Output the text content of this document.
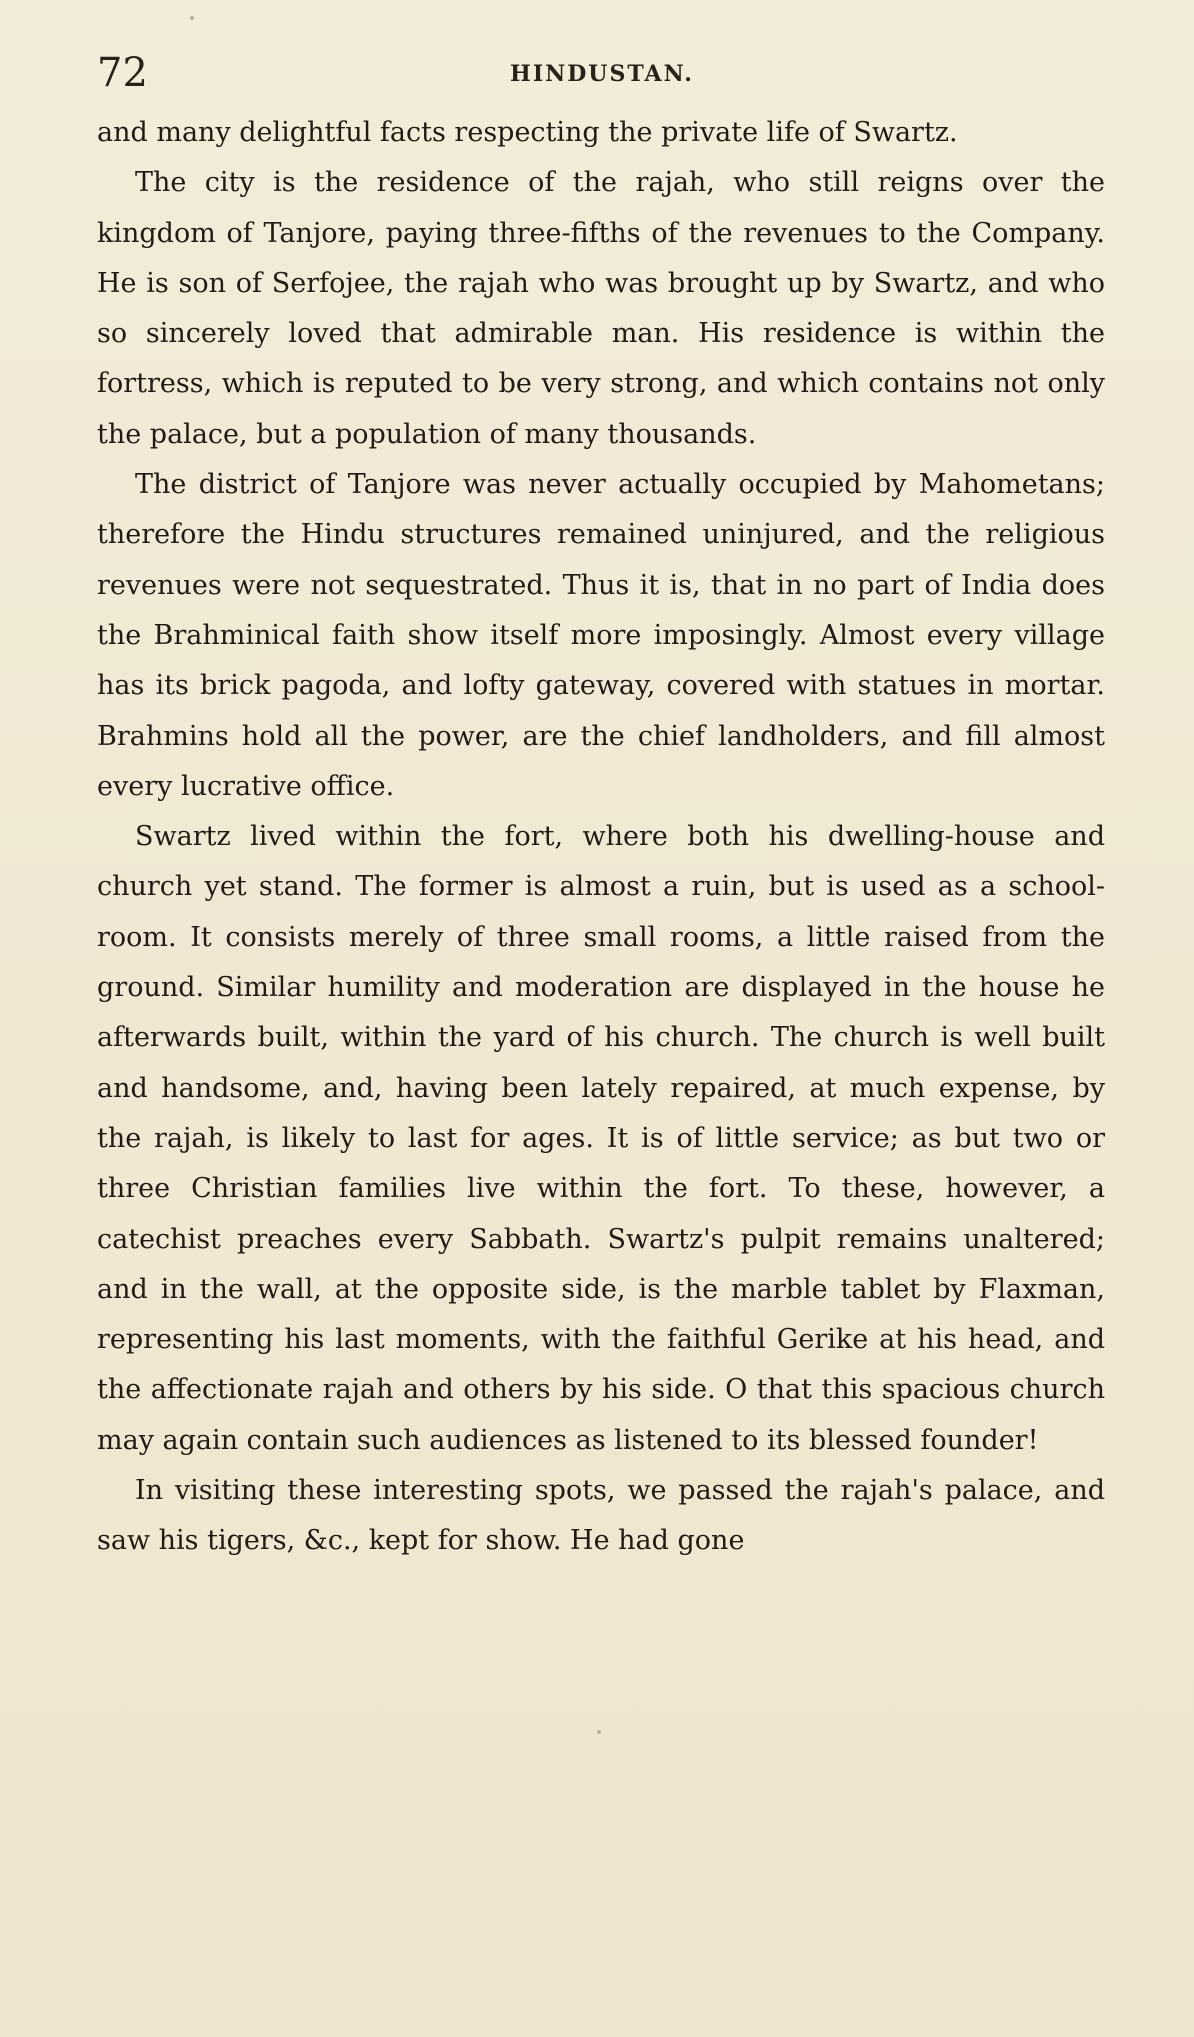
72	HINDUSTAN.

and many delightful facts respecting the private life of Swartz.

The city is the residence of the rajah, who still reigns over the kingdom of Tanjore, paying three-fifths of the revenues to the Company. He is son of Serfojee, the rajah who was brought up by Swartz, and who so sincerely loved that admirable man. His residence is within the fortress, which is reputed to be very strong, and which contains not only the palace, but a population of many thousands.

The district of Tanjore was never actually occupied by Mahometans; therefore the Hindu structures remained uninjured, and the religious revenues were not sequestrated. Thus it is, that in no part of India does the Brahminical faith show itself more imposingly. Almost every village has its brick pagoda, and lofty gateway, covered with statues in mortar. Brahmins hold all the power, are the chief landholders, and fill almost every lucrative office.

Swartz lived within the fort, where both his dwelling-house and church yet stand. The former is almost a ruin, but is used as a school-room. It consists merely of three small rooms, a little raised from the ground. Similar humility and moderation are displayed in the house he afterwards built, within the yard of his church. The church is well built and handsome, and, having been lately repaired, at much expense, by the rajah, is likely to last for ages. It is of little service; as but two or three Christian families live within the fort. To these, however, a catechist preaches every Sabbath. Swartz's pulpit remains unaltered; and in the wall, at the opposite side, is the marble tablet by Flaxman, representing his last moments, with the faithful Gerike at his head, and the affectionate rajah and others by his side. O that this spacious church may again contain such audiences as listened to its blessed founder!

In visiting these interesting spots, we passed the rajah's palace, and saw his tigers, &c., kept for show. He had gone
